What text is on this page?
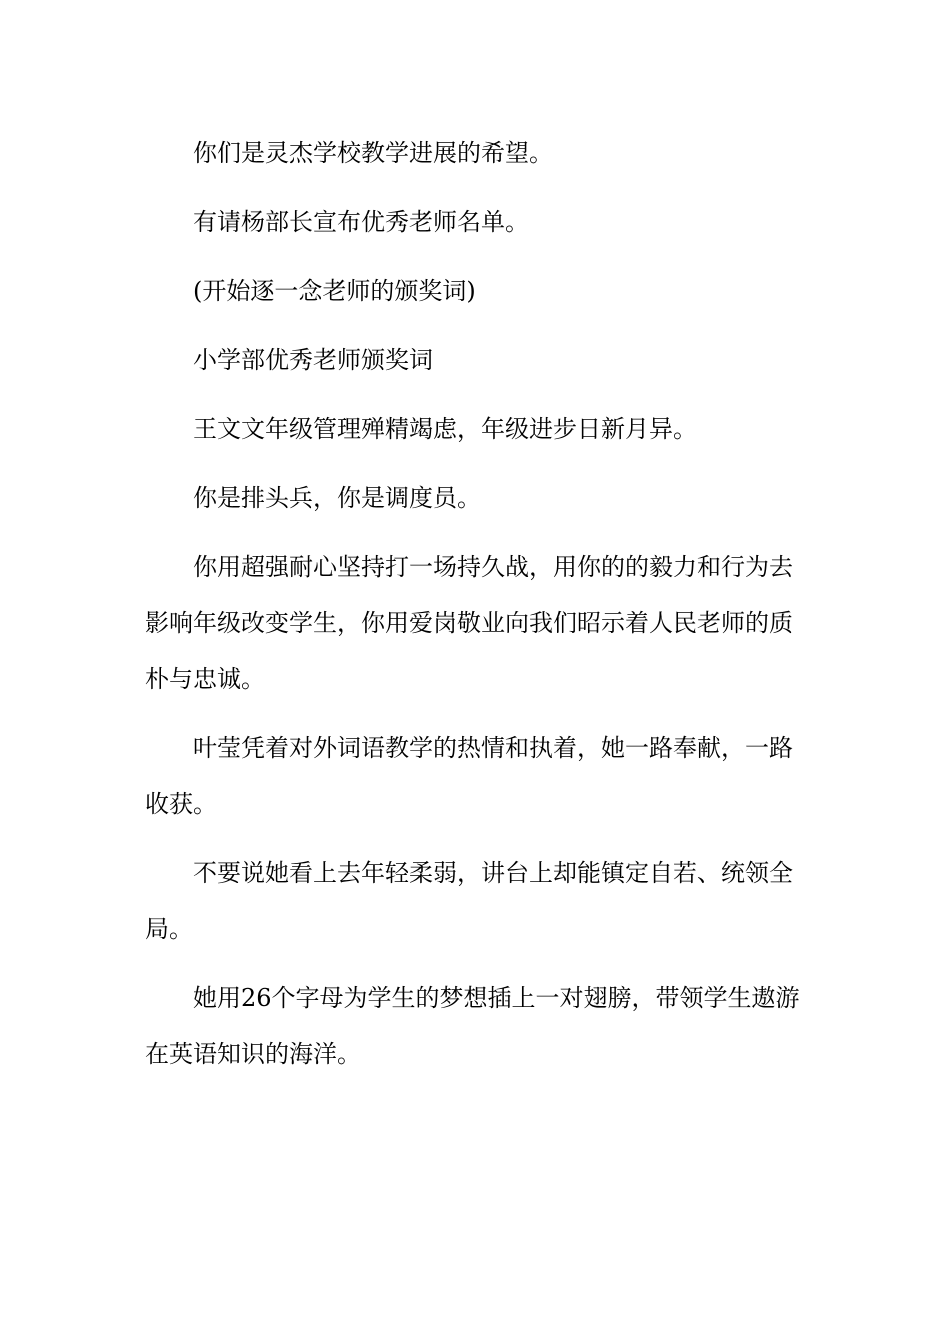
你们是灵杰学校教学进展的希望。

有请杨部长宣布优秀老师名单。

(开始逐一念老师的颁奖词)

小学部优秀老师颁奖词

王文文年级管理殚精竭虑，年级进步日新月异。

你是排头兵，你是调度员。

你用超强耐心坚持打一场持久战，用你的的毅力和行为去影响年级改变学生，你用爱岗敬业向我们昭示着人民老师的质朴与忠诚。

叶莹凭着对外词语教学的热情和执着，她一路奉献，一路收获。

不要说她看上去年轻柔弱，讲台上却能镇定自若、统领全局。

她用26个字母为学生的梦想插上一对翅膀，带领学生遨游在英语知识的海洋。
